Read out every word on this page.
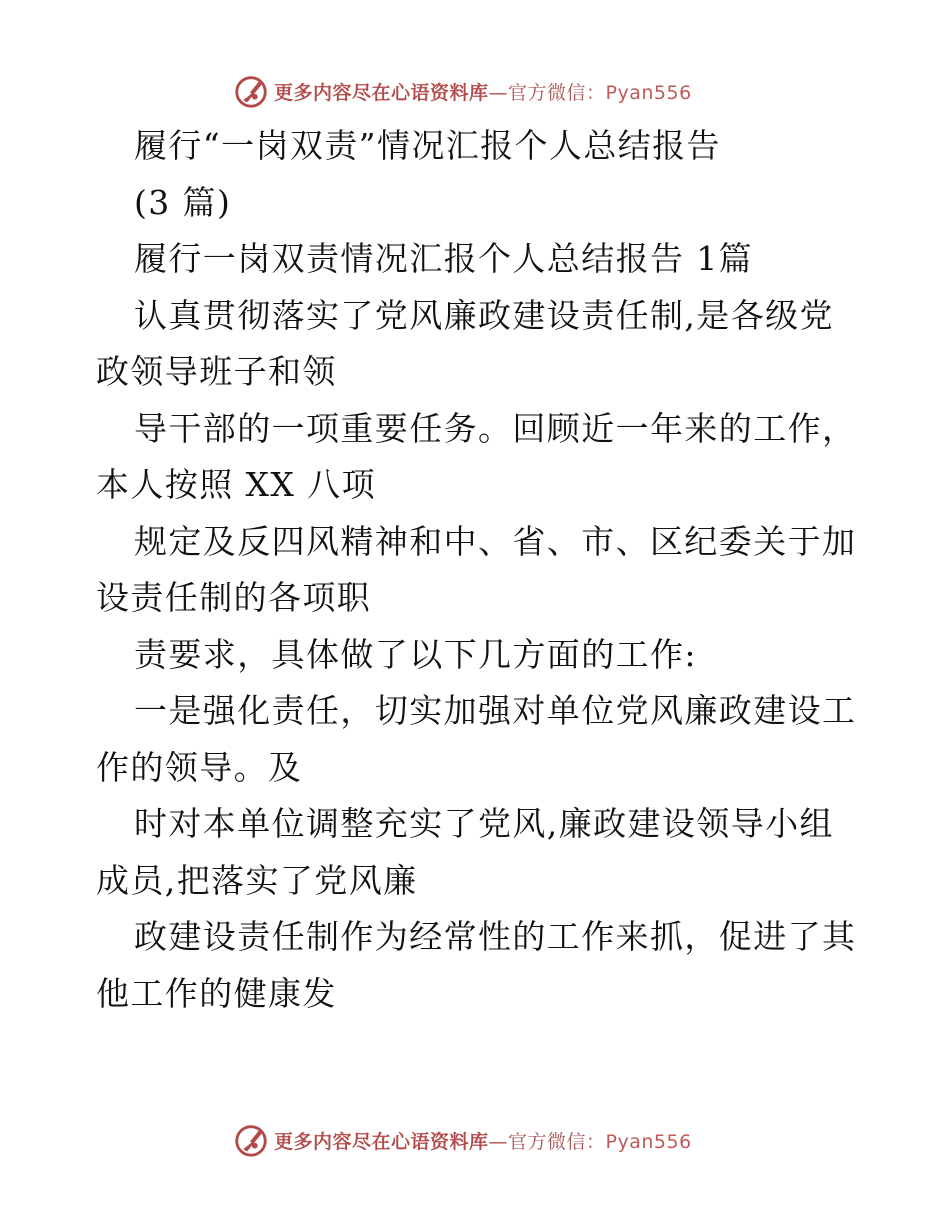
更多内容尽在心语资料库—官方微信：Pyan556
履行“一岗双责”情况汇报个人总结报告
(3 篇)
履行一岗双责情况汇报个人总结报告 1篇
认真贯彻落实了党风廉政建设责任制,是各级党
政领导班子和领
导干部的一项重要任务。回顾近一年来的工作，
本人按照 XX 八项
规定及反四风精神和中、省、市、区纪委关于加
设责任制的各项职
责要求，具体做了以下几方面的工作:
一是强化责任，切实加强对单位党风廉政建设工
作的领导。及
时对本单位调整充实了党风,廉政建设领导小组
成员,把落实了党风廉
政建设责任制作为经常性的工作来抓，促进了其
他工作的健康发
更多内容尽在心语资料库—官方微信：Pyan556
